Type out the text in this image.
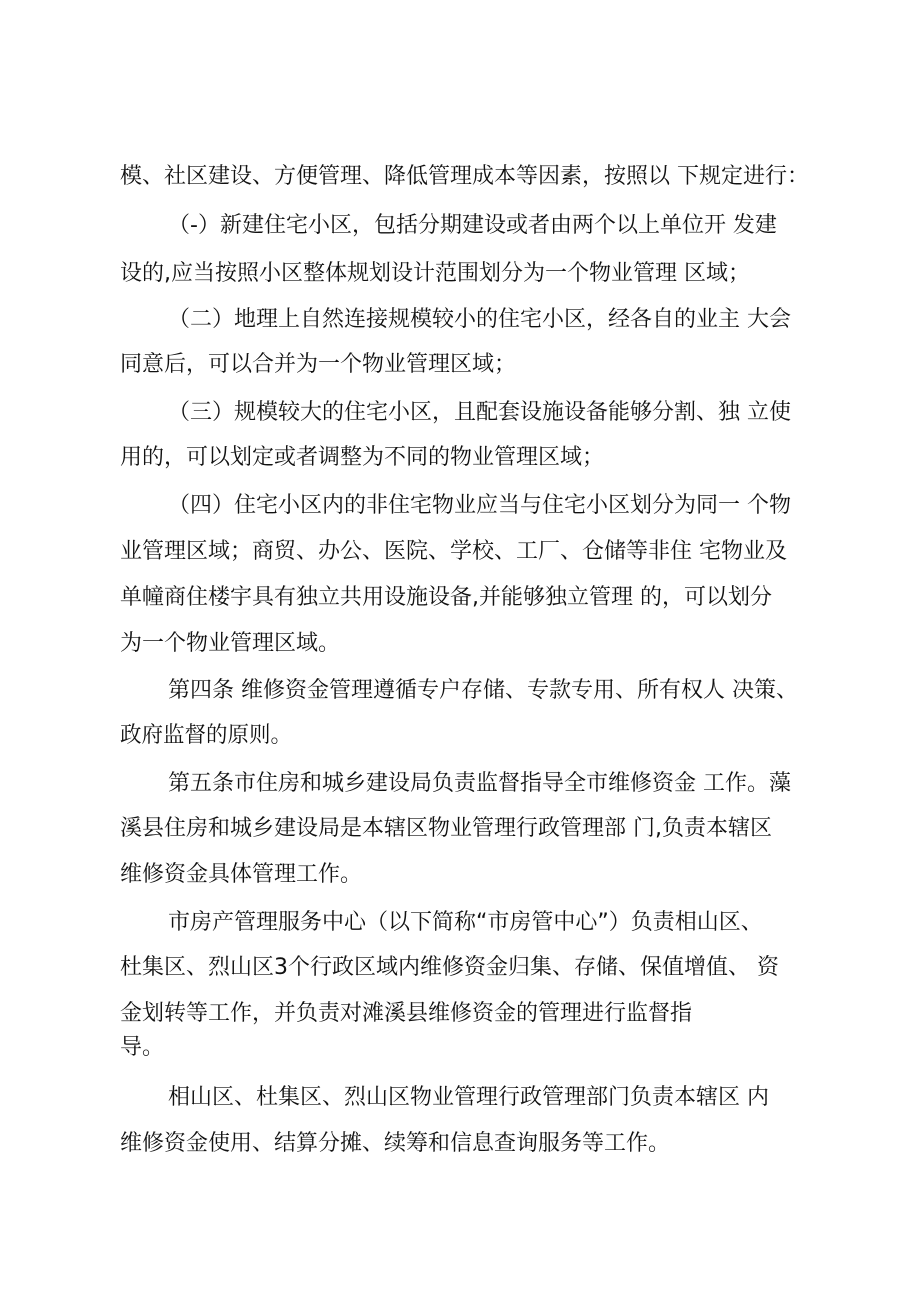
模、社区建设、方便管理、降低管理成本等因素，按照以 下规定进行：
（-）新建住宅小区，包括分期建设或者由两个以上单位开 发建
设的,应当按照小区整体规划设计范围划分为一个物业管理 区域；
（二）地理上自然连接规模较小的住宅小区，经各自的业主 大会
同意后，可以合并为一个物业管理区域；
（三）规模较大的住宅小区，且配套设施设备能够分割、独 立使
用的，可以划定或者调整为不同的物业管理区域；
（四）住宅小区内的非住宅物业应当与住宅小区划分为同一 个物
业管理区域；商贸、办公、医院、学校、工厂、仓储等非住 宅物业及
单幢商住楼宇具有独立共用设施设备,并能够独立管理 的，可以划分
为一个物业管理区域。
第四条 维修资金管理遵循专户存储、专款专用、所有权人 决策、
政府监督的原则。
第五条市住房和城乡建设局负责监督指导全市维修资金 工作。藻
溪县住房和城乡建设局是本辖区物业管理行政管理部 门,负责本辖区
维修资金具体管理工作。
市房产管理服务中心（以下简称“市房管中心”）负责相山区、
杜集区、烈山区3个行政区域内维修资金归集、存储、保值增值、 资
金划转等工作，并负责对滩溪县维修资金的管理进行监督指
导。
相山区、杜集区、烈山区物业管理行政管理部门负责本辖区 内
维修资金使用、结算分摊、续筹和信息查询服务等工作。
